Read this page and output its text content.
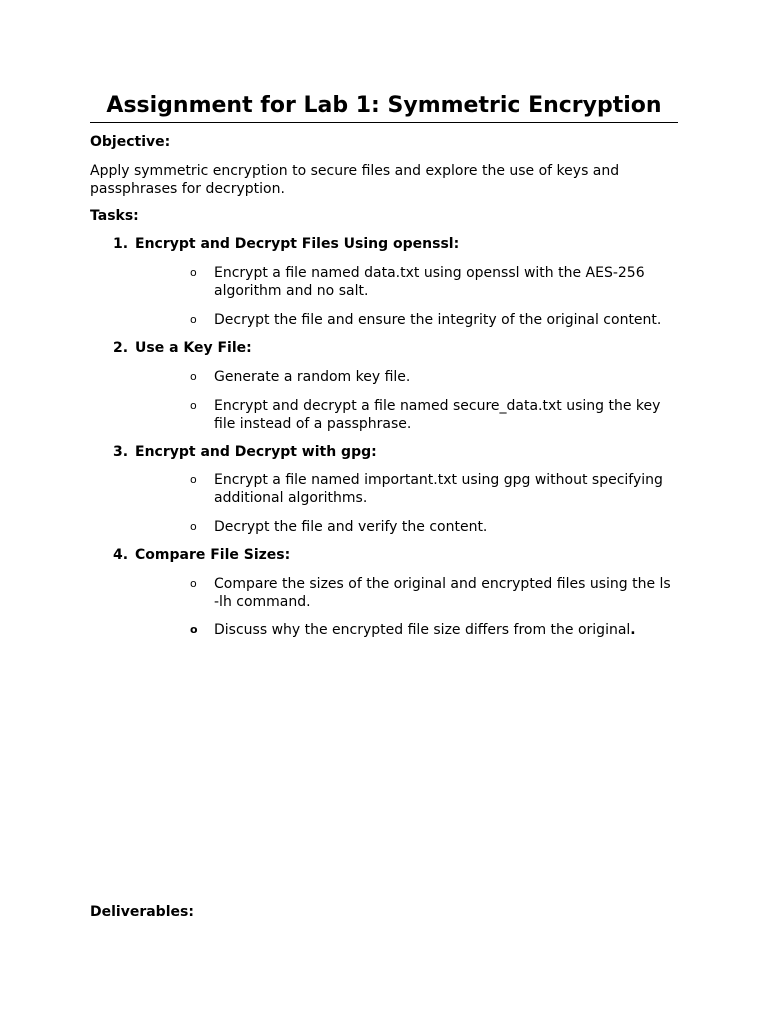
Assignment for Lab 1: Symmetric Encryption
Objective:
Apply symmetric encryption to secure files and explore the use of keys and passphrases for decryption.
Tasks:
1. Encrypt and Decrypt Files Using openssl:
o	Encrypt a file named data.txt using openssl with the AES-256 algorithm and no salt.
o	Decrypt the file and ensure the integrity of the original content.
2. Use a Key File:
o	Generate a random key file.
o	Encrypt and decrypt a file named secure_data.txt using the key file instead of a passphrase.
3. Encrypt and Decrypt with gpg:
o	Encrypt a file named important.txt using gpg without specifying additional algorithms.
o	Decrypt the file and verify the content.
4. Compare File Sizes:
o	Compare the sizes of the original and encrypted files using the ls -lh command.
o	Discuss why the encrypted file size differs from the original.
Deliverables:
